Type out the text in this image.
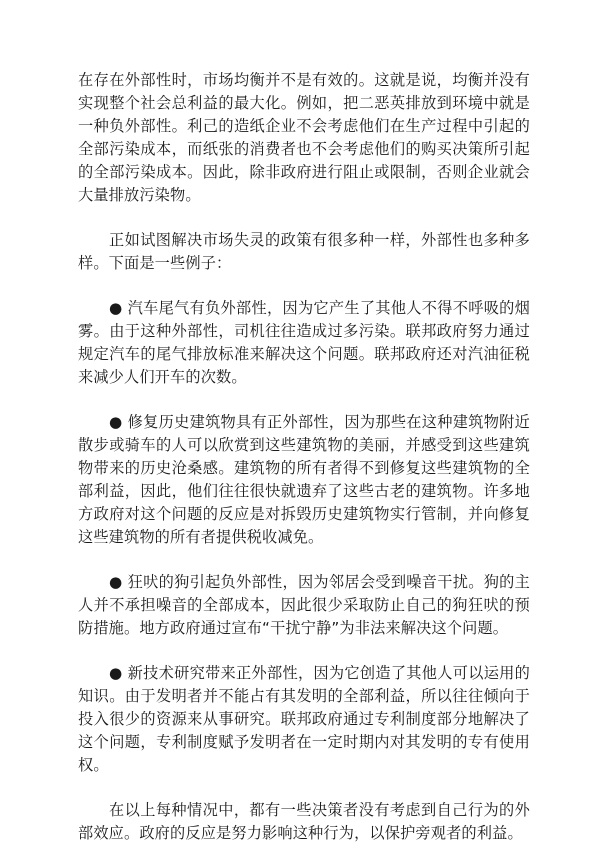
在存在外部性时，市场均衡并不是有效的。这就是说，均衡并没有实现整个社会总利益的最大化。例如，把二恶英排放到环境中就是一种负外部性。利己的造纸企业不会考虑他们在生产过程中引起的全部污染成本，而纸张的消费者也不会考虑他们的购买决策所引起的全部污染成本。因此，除非政府进行阻止或限制，否则企业就会大量排放污染物。

正如试图解决市场失灵的政策有很多种一样，外部性也多种多样。下面是一些例子：

● 汽车尾气有负外部性，因为它产生了其他人不得不呼吸的烟雾。由于这种外部性，司机往往造成过多污染。联邦政府努力通过规定汽车的尾气排放标准来解决这个问题。联邦政府还对汽油征税来减少人们开车的次数。

● 修复历史建筑物具有正外部性，因为那些在这种建筑物附近散步或骑车的人可以欣赏到这些建筑物的美丽，并感受到这些建筑物带来的历史沧桑感。建筑物的所有者得不到修复这些建筑物的全部利益，因此，他们往往很快就遗弃了这些古老的建筑物。许多地方政府对这个问题的反应是对拆毁历史建筑物实行管制，并向修复这些建筑物的所有者提供税收减免。

● 狂吠的狗引起负外部性，因为邻居会受到噪音干扰。狗的主人并不承担噪音的全部成本，因此很少采取防止自己的狗狂吠的预防措施。地方政府通过宣布“干扰宁静”为非法来解决这个问题。

● 新技术研究带来正外部性，因为它创造了其他人可以运用的知识。由于发明者并不能占有其发明的全部利益，所以往往倾向于投入很少的资源来从事研究。联邦政府通过专利制度部分地解决了这个问题，专利制度赋予发明者在一定时期内对其发明的专有使用权。

在以上每种情况中，都有一些决策者没有考虑到自己行为的外部效应。政府的反应是努力影响这种行为，以保护旁观者的利益。
